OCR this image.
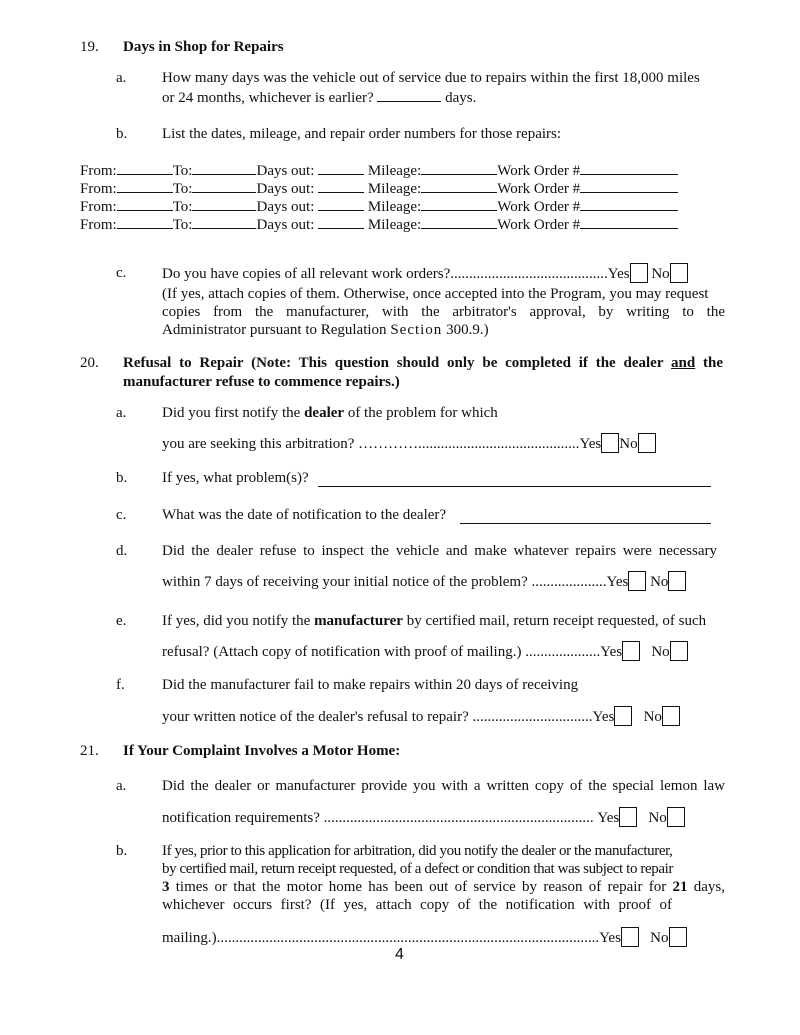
19. Days in Shop for Repairs
a. How many days was the vehicle out of service due to repairs within the first 18,000 miles
or 24 months, whichever is earlier?	days.
b. List the dates, mileage, and repair order numbers for those repairs:
From:	To:	Days out:	Mileage:	Work Order #
From:	To:	Days out:	Mileage:	Work Order #
From:	To:	Days out:	Mileage:	Work Order #
From:	To:	Days out:	Mileage:	Work Order #
c. Do you have copies of all relevant work orders?..........................................Yes No
(If yes, attach copies of them. Otherwise, once accepted into the Program, you may request
copies from the manufacturer, with the arbitrator's approval, by writing to the
Administrator pursuant to Regulation Section 300.9.)
20. Refusal to Repair (Note: This question should only be completed if the dealer and the
manufacturer refuse to commence repairs.)
a. Did you first notify the dealer of the problem for which
you are seeking this arbitration? …………...........................................Yes No
b. If yes, what problem(s)?
c. What was the date of notification to the dealer?
d. Did the dealer refuse to inspect the vehicle and make whatever repairs were necessary
within 7 days of receiving your initial notice of the problem? ....................Yes No
e. If yes, did you notify the manufacturer by certified mail, return receipt requested, of such
refusal? (Attach copy of notification with proof of mailing.) ....................Yes No
f. Did the manufacturer fail to make repairs within 20 days of receiving
your written notice of the dealer's refusal to repair? ................................Yes No
21. If Your Complaint Involves a Motor Home:
a. Did the dealer or manufacturer provide you with a written copy of the special lemon law
notification requirements? ........................................................................ Yes No
b. If yes, prior to this application for arbitration, did you notify the dealer or the manufacturer,
by certified mail, return receipt requested, of a defect or condition that was subject to repair
3 times or that the motor home has been out of service by reason of repair for 21 days,
whichever occurs first? (If yes, attach copy of the notification with proof of
mailing.)......................................................................................................Yes No
4
